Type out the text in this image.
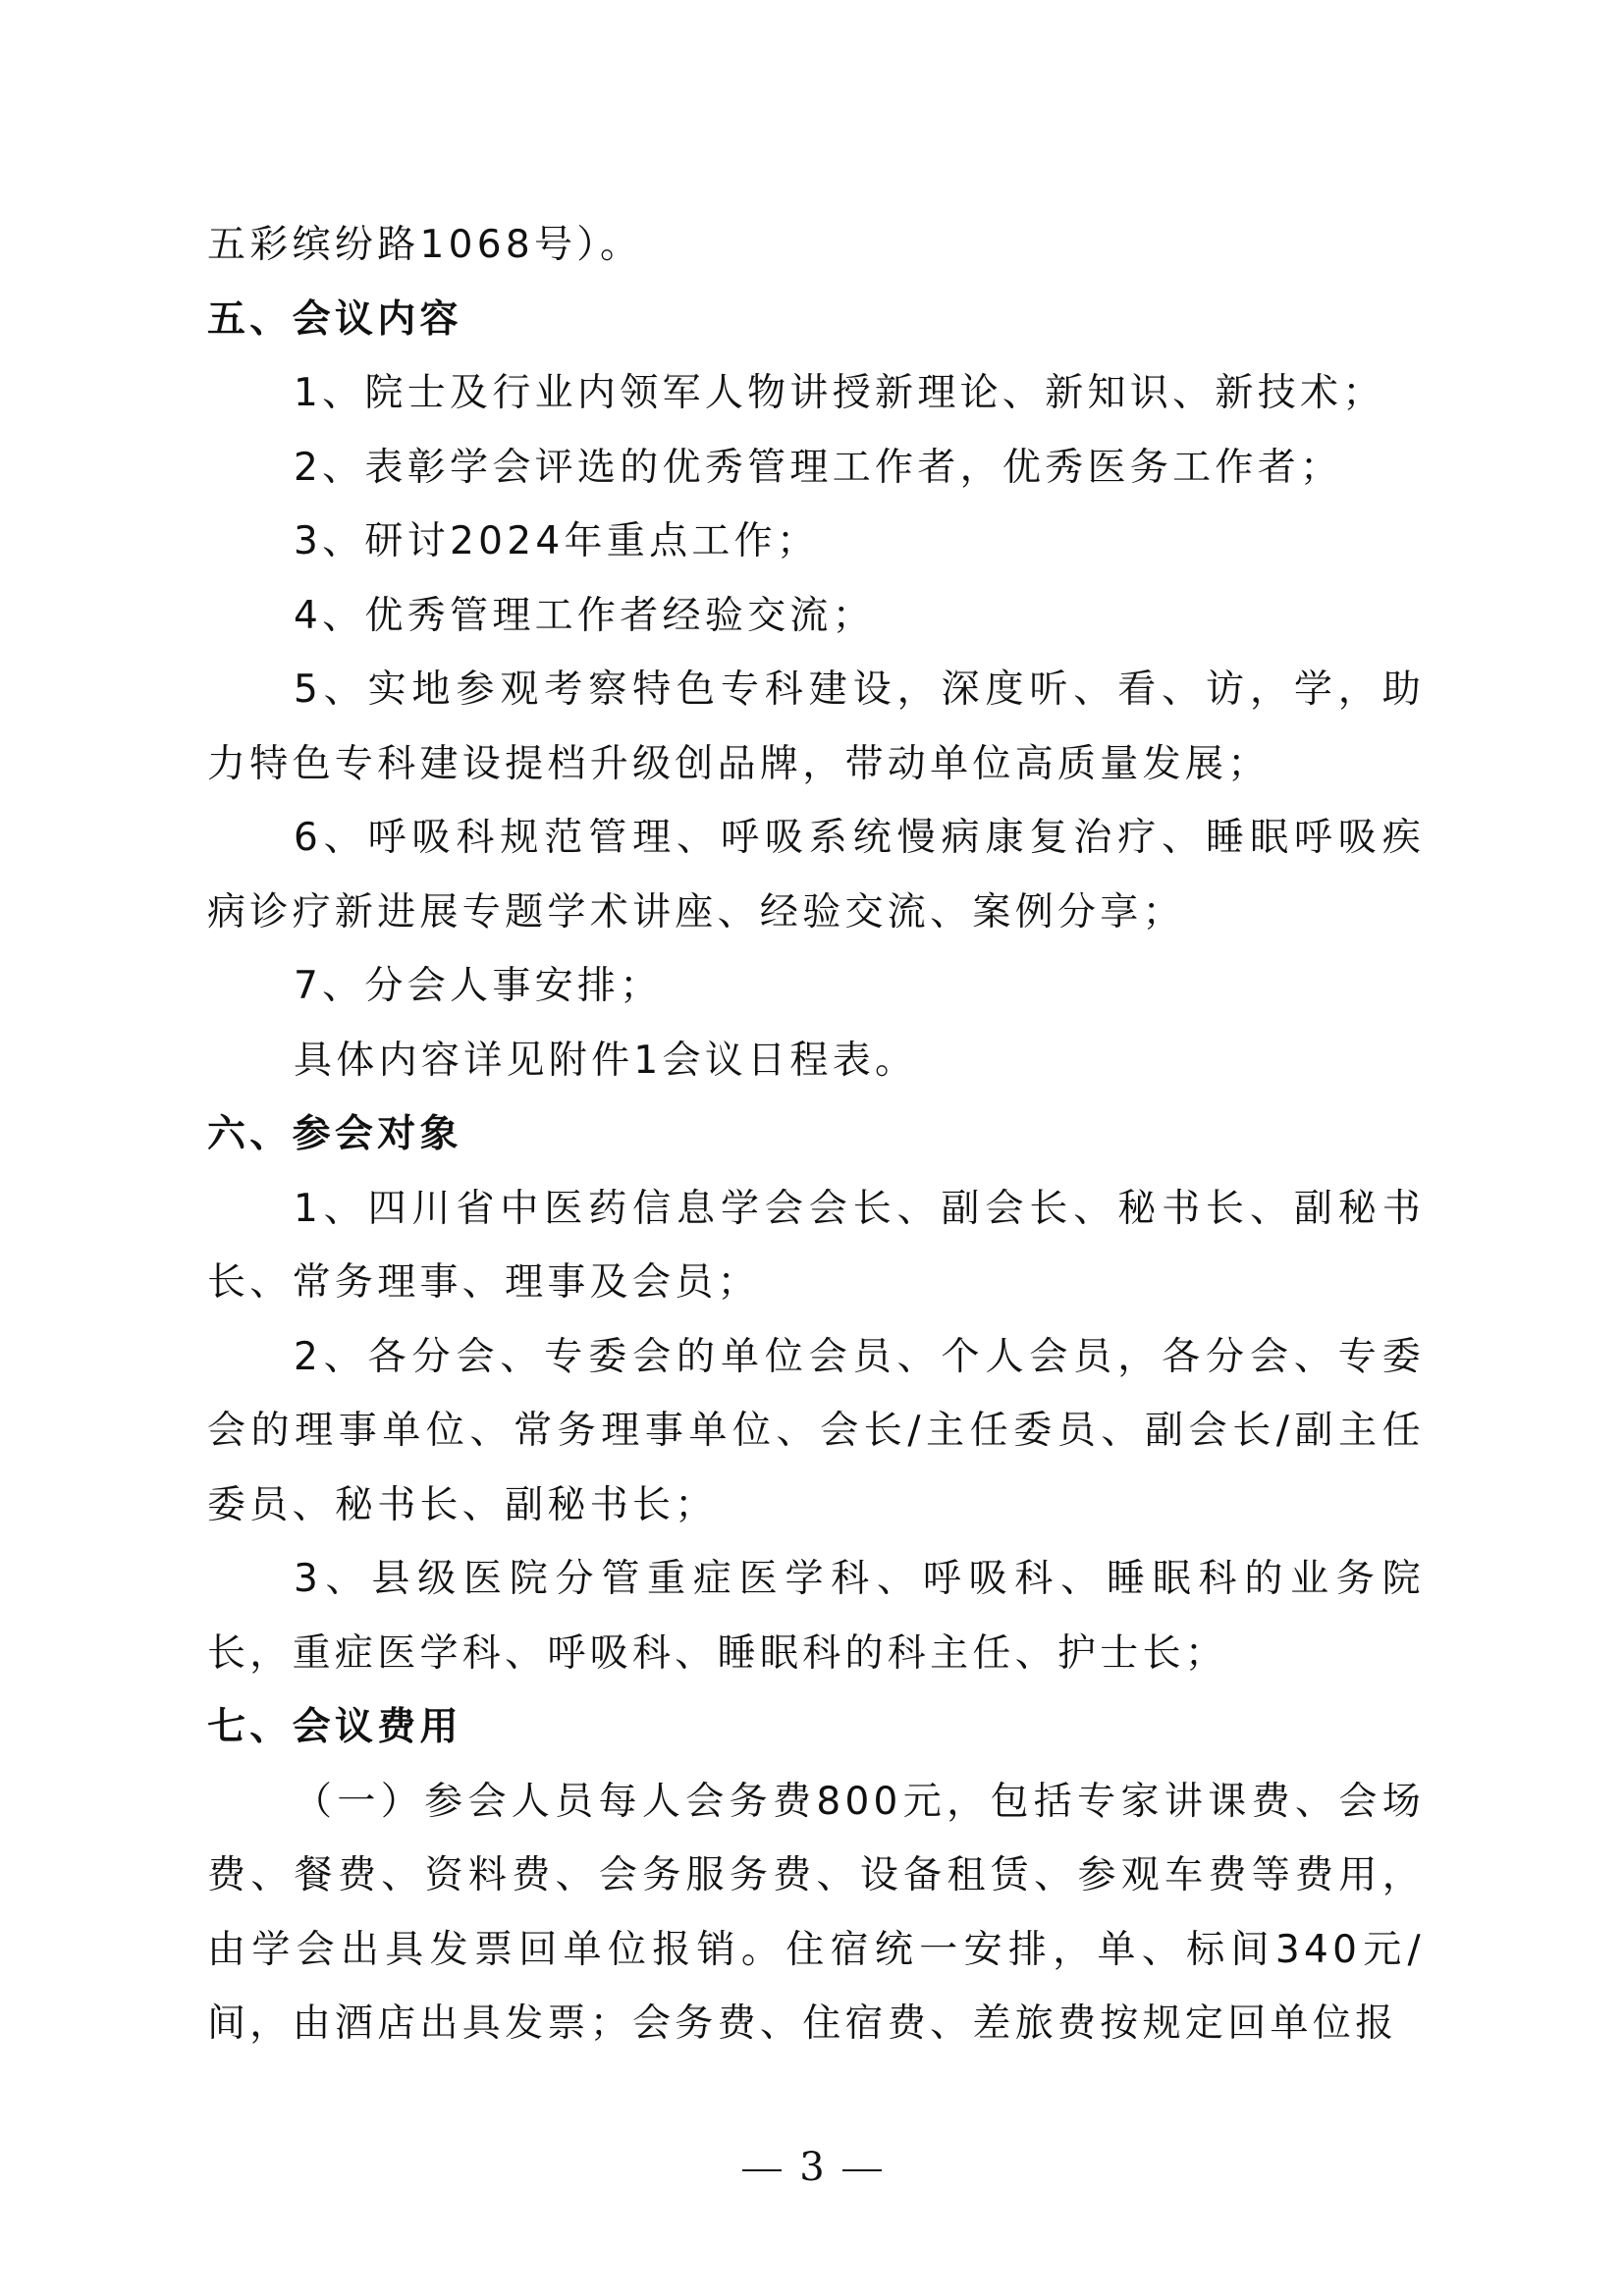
五彩缤纷路1068号）。

五、会议内容

1、院士及行业内领军人物讲授新理论、新知识、新技术；

2、表彰学会评选的优秀管理工作者，优秀医务工作者；

3、研讨2024年重点工作；

4、优秀管理工作者经验交流；

5、实地参观考察特色专科建设，深度听、看、访，学，助力特色专科建设提档升级创品牌，带动单位高质量发展；

6、呼吸科规范管理、呼吸系统慢病康复治疗、睡眠呼吸疾病诊疗新进展专题学术讲座、经验交流、案例分享；

7、分会人事安排；

具体内容详见附件1会议日程表。

六、参会对象

1、四川省中医药信息学会会长、副会长、秘书长、副秘书长、常务理事、理事及会员；

2、各分会、专委会的单位会员、个人会员，各分会、专委会的理事单位、常务理事单位、会长/主任委员、副会长/副主任委员、秘书长、副秘书长；

3、县级医院分管重症医学科、呼吸科、睡眠科的业务院长，重症医学科、呼吸科、睡眠科的科主任、护士长；

七、会议费用

（一）参会人员每人会务费800元，包括专家讲课费、会场费、餐费、资料费、会务服务费、设备租赁、参观车费等费用，由学会出具发票回单位报销。住宿统一安排，单、标间340元/间，由酒店出具发票；会务费、住宿费、差旅费按规定回单位报

3
